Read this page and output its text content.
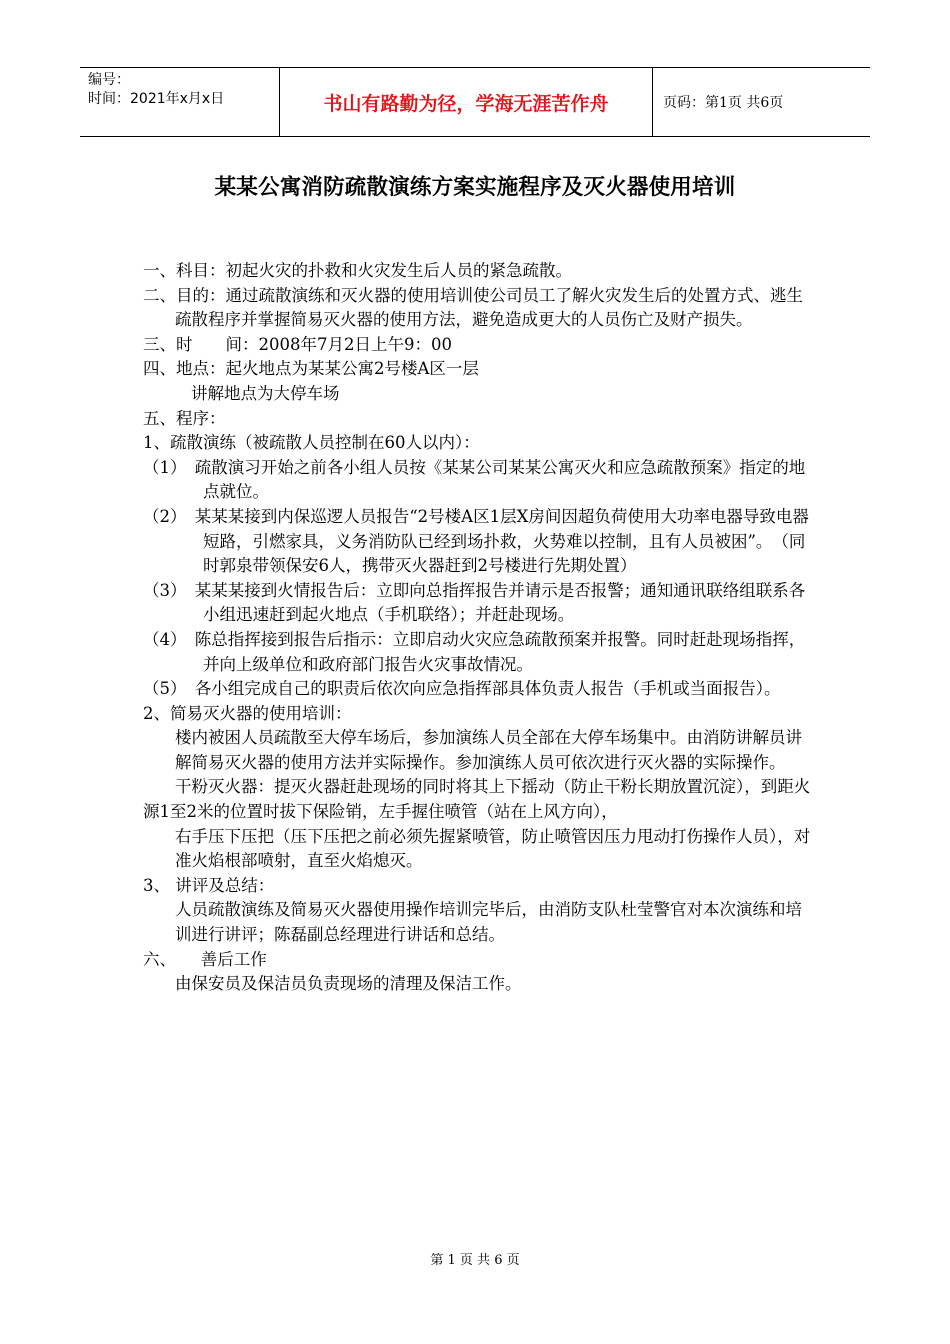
编号：
时间：2021年x月x日	书山有路勤为径，学海无涯苦作舟	页码：第1页 共6页
某某公寓消防疏散演练方案实施程序及灭火器使用培训

一、科目：初起火灾的扑救和火灾发生后人员的紧急疏散。

二、目的：通过疏散演练和灭火器的使用培训使公司员工了解火灾发生后的处置方式、逃生疏散程序并掌握简易灭火器的使用方法，避免造成更大的人员伤亡及财产损失。

三、时　　间：2008年7月2日上午9：00

四、地点：起火地点为某某公寓2号楼A区一层

讲解地点为大停车场

五、程序：

1、疏散演练（被疏散人员控制在60人以内）：

（1）　疏散演习开始之前各小组人员按《某某公司某某公寓灭火和应急疏散预案》指定的地点就位。

（2）　某某某接到内保巡逻人员报告“2号楼A区1层X房间因超负荷使用大功率电器导致电器短路，引燃家具，义务消防队已经到场扑救，火势难以控制，且有人员被困”。　（同时郭泉带领保安6人，携带灭火器赶到2号楼进行先期处置）

（3）　某某某接到火情报告后：立即向总指挥报告并请示是否报警；通知通讯联络组联系各小组迅速赶到起火地点（手机联络）；并赶赴现场。

（4）　陈总指挥接到报告后指示：立即启动火灾应急疏散预案并报警。同时赶赴现场指挥，并向上级单位和政府部门报告火灾事故情况。

（5）　各小组完成自己的职责后依次向应急指挥部具体负责人报告（手机或当面报告）。

2、简易灭火器的使用培训：

楼内被困人员疏散至大停车场后，参加演练人员全部在大停车场集中。由消防讲解员讲解简易灭火器的使用方法并实际操作。参加演练人员可依次进行灭火器的实际操作。

干粉灭火器：提灭火器赶赴现场的同时将其上下摇动（防止干粉长期放置沉淀），到距火源1至2米的位置时拔下保险销，左手握住喷管（站在上风方向），

右手压下压把（压下压把之前必须先握紧喷管，防止喷管因压力甩动打伤操作人员），对准火焰根部喷射，直至火焰熄灭。

3、 讲评及总结：

人员疏散演练及简易灭火器使用操作培训完毕后，由消防支队杜莹警官对本次演练和培训进行讲评；陈磊副总经理进行讲话和总结。

六、　　善后工作

由保安员及保洁员负责现场的清理及保洁工作。

第 1 页 共 6 页
